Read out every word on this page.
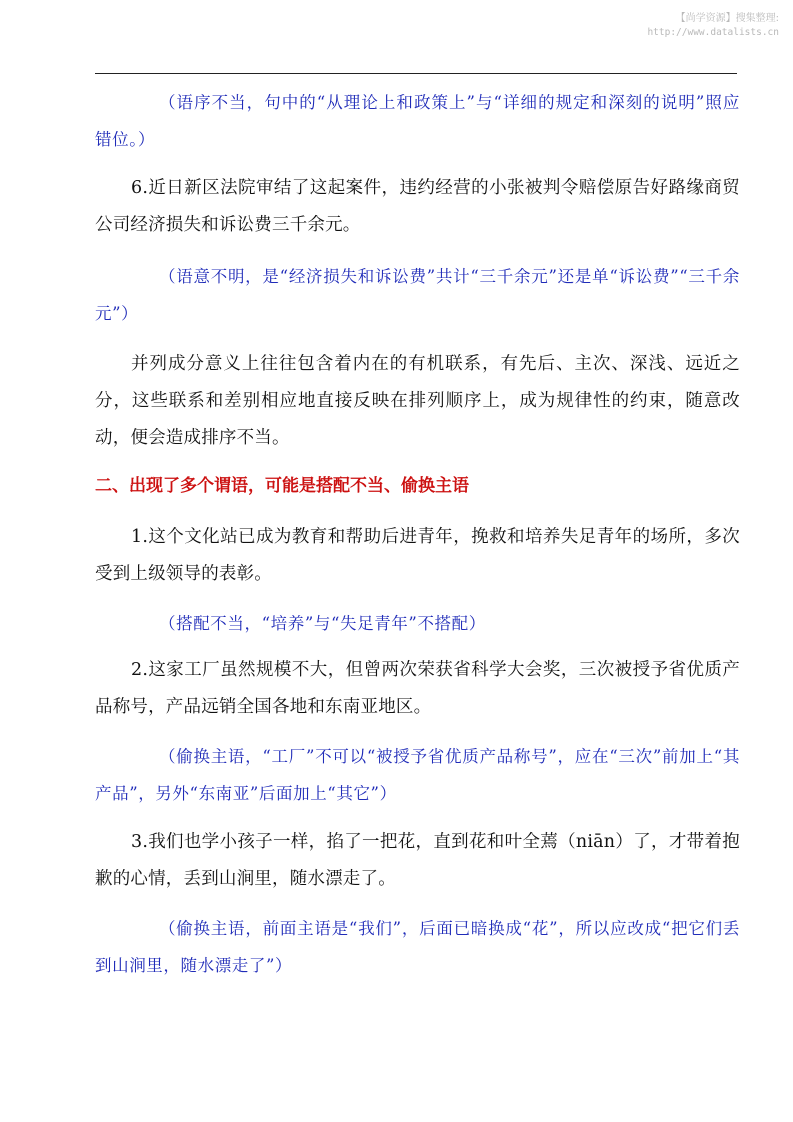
【尚学资源】搜集整理:
http://www.datalists.cn

（语序不当，句中的“从理论上和政策上”与“详细的规定和深刻的说明”照应错位。）

6.近日新区法院审结了这起案件，违约经营的小张被判令赔偿原告好路缘商贸公司经济损失和诉讼费三千余元。

（语意不明，是“经济损失和诉讼费”共计“三千余元”还是单“诉讼费”“三千余元”）

并列成分意义上往往包含着内在的有机联系，有先后、主次、深浅、远近之分，这些联系和差别相应地直接反映在排列顺序上，成为规律性的约束，随意改动，便会造成排序不当。

二、出现了多个谓语，可能是搭配不当、偷换主语

1.这个文化站已成为教育和帮助后进青年，挽救和培养失足青年的场所，多次受到上级领导的表彰。

（搭配不当，“培养”与“失足青年”不搭配）

2.这家工厂虽然规模不大，但曾两次荣获省科学大会奖，三次被授予省优质产品称号，产品远销全国各地和东南亚地区。

（偷换主语，“工厂”不可以“被授予省优质产品称号”，应在“三次”前加上“其产品”，另外“东南亚”后面加上“其它”）

3.我们也学小孩子一样，掐了一把花，直到花和叶全蔫（niān）了，才带着抱歉的心情，丢到山涧里，随水漂走了。

（偷换主语，前面主语是“我们”，后面已暗换成“花”，所以应改成“把它们丢到山涧里，随水漂走了”）
